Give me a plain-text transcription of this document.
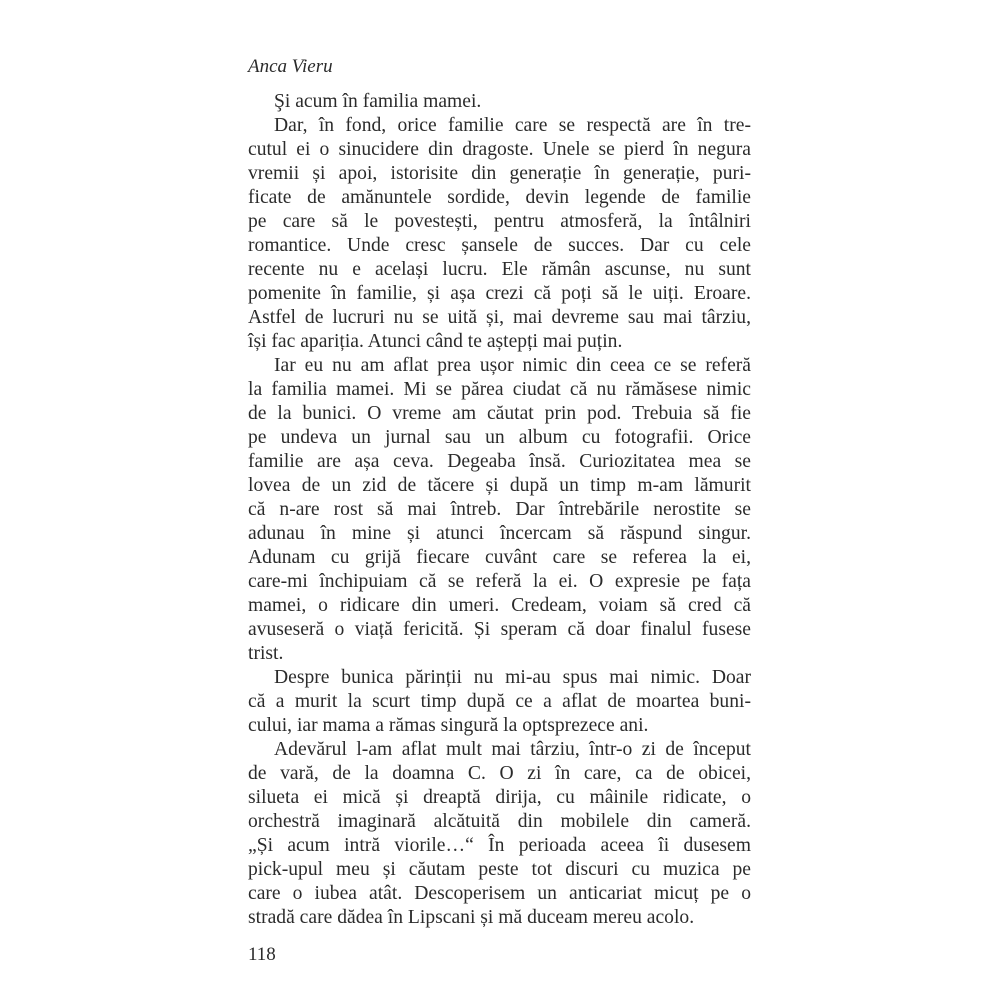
Anca Vieru
Şi acum în familia mamei.
Dar, în fond, orice familie care se respectă are în tre-
cutul ei o sinucidere din dragoste. Unele se pierd în negura
vremii și apoi, istorisite din generație în generație, puri-
ficate de amănuntele sordide, devin legende de familie
pe care să le povestești, pentru atmosferă, la întâlniri
romantice. Unde cresc șansele de succes. Dar cu cele
recente nu e același lucru. Ele rămân ascunse, nu sunt
pomenite în familie, și așa crezi că poți să le uiți. Eroare.
Astfel de lucruri nu se uită și, mai devreme sau mai târziu,
își fac apariția. Atunci când te aștepți mai puțin.
Iar eu nu am aflat prea ușor nimic din ceea ce se referă
la familia mamei. Mi se părea ciudat că nu rămăsese nimic
de la bunici. O vreme am căutat prin pod. Trebuia să fie
pe undeva un jurnal sau un album cu fotografii. Orice
familie are așa ceva. Degeaba însă. Curiozitatea mea se
lovea de un zid de tăcere și după un timp m-am lămurit
că n-are rost să mai întreb. Dar întrebările nerostite se
adunau în mine și atunci încercam să răspund singur.
Adunam cu grijă fiecare cuvânt care se referea la ei,
care-mi închipuiam că se referă la ei. O expresie pe fața
mamei, o ridicare din umeri. Credeam, voiam să cred că
avuseseră o viață fericită. Și speram că doar finalul fusese
trist.
Despre bunica părinții nu mi-au spus mai nimic. Doar
că a murit la scurt timp după ce a aflat de moartea buni-
cului, iar mama a rămas singură la optsprezece ani.
Adevărul l-am aflat mult mai târziu, într-o zi de început
de vară, de la doamna C. O zi în care, ca de obicei,
silueta ei mică și dreaptă dirija, cu mâinile ridicate, o
orchestră imaginară alcătuită din mobilele din cameră.
„Și acum intră viorile…“ În perioada aceea îi dusesem
pick-upul meu și căutam peste tot discuri cu muzica pe
care o iubea atât. Descoperisem un anticariat micuț pe o
stradă care dădea în Lipscani și mă duceam mereu acolo.
118
